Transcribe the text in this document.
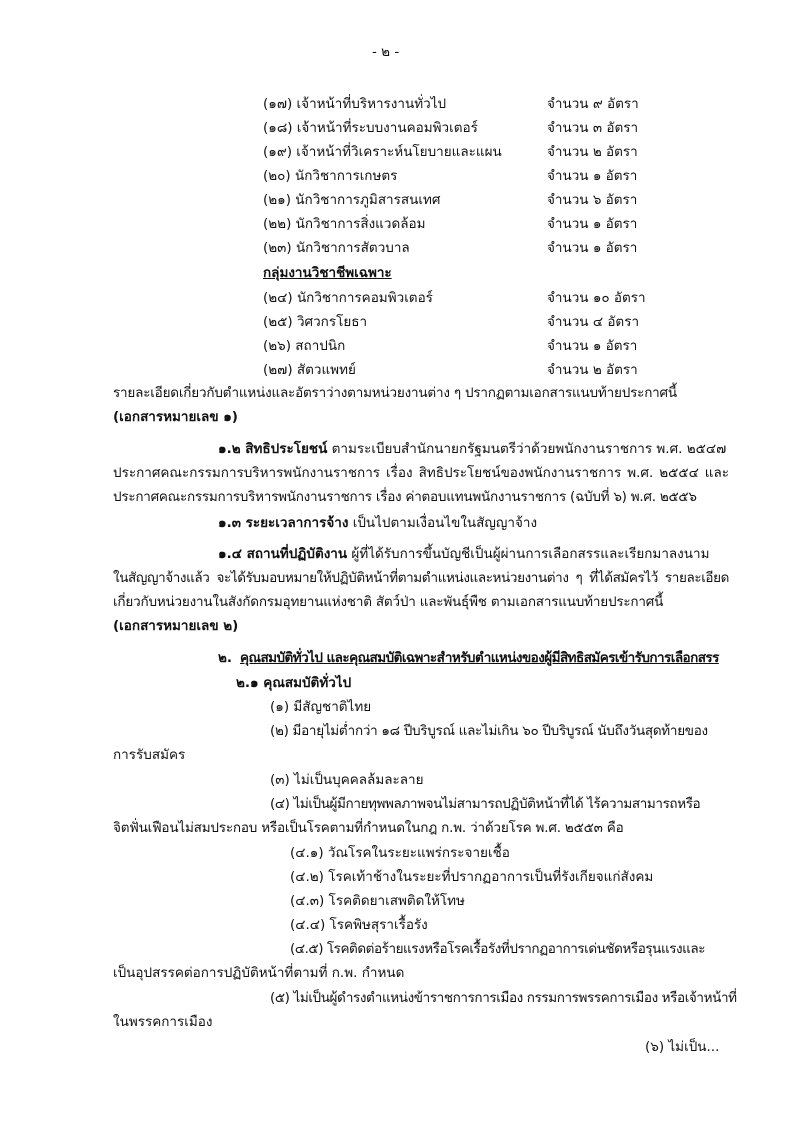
- ๒ -
(๑๗) เจ้าหน้าที่บริหารงานทั่วไป	จำนวน ๙ อัตรา
(๑๘) เจ้าหน้าที่ระบบงานคอมพิวเตอร์	จำนวน ๓ อัตรา
(๑๙) เจ้าหน้าที่วิเคราะห์นโยบายและแผน	จำนวน ๒ อัตรา
(๒๐) นักวิชาการเกษตร	จำนวน ๑ อัตรา
(๒๑) นักวิชาการภูมิสารสนเทศ	จำนวน ๖ อัตรา
(๒๒) นักวิชาการสิ่งแวดล้อม	จำนวน ๑ อัตรา
(๒๓) นักวิชาการสัตวบาล	จำนวน ๑ อัตรา
กลุ่มงานวิชาชีพเฉพาะ
(๒๔) นักวิชาการคอมพิวเตอร์	จำนวน ๑๐ อัตรา
(๒๕) วิศวกรโยธา	จำนวน ๔ อัตรา
(๒๖) สถาปนิก	จำนวน ๑ อัตรา
(๒๗) สัตวแพทย์	จำนวน ๒ อัตรา
รายละเอียดเกี่ยวกับตำแหน่งและอัตราว่างตามหน่วยงานต่าง ๆ ปรากฏตามเอกสารแนบท้ายประกาศนี้
(เอกสารหมายเลข ๑)
๑.๒ สิทธิประโยชน์ ตามระเบียบสำนักนายกรัฐมนตรีว่าด้วยพนักงานราชการ พ.ศ. ๒๕๔๗
ประกาศคณะกรรมการบริหารพนักงานราชการ เรื่อง สิทธิประโยชน์ของพนักงานราชการ พ.ศ. ๒๕๕๔ และ
ประกาศคณะกรรมการบริหารพนักงานราชการ เรื่อง ค่าตอบแทนพนักงานราชการ (ฉบับที่ ๖) พ.ศ. ๒๕๕๖
๑.๓ ระยะเวลาการจ้าง เป็นไปตามเงื่อนไขในสัญญาจ้าง
๑.๔ สถานที่ปฏิบัติงาน ผู้ที่ได้รับการขึ้นบัญชีเป็นผู้ผ่านการเลือกสรรและเรียกมาลงนาม
ในสัญญาจ้างแล้ว จะได้รับมอบหมายให้ปฏิบัติหน้าที่ตามตำแหน่งและหน่วยงานต่าง ๆ ที่ได้สมัครไว้ รายละเอียด
เกี่ยวกับหน่วยงานในสังกัดกรมอุทยานแห่งชาติ สัตว์ป่า และพันธุ์พืช ตามเอกสารแนบท้ายประกาศนี้
(เอกสารหมายเลข ๒)
๒. คุณสมบัติทั่วไป และคุณสมบัติเฉพาะสำหรับตำแหน่งของผู้มีสิทธิสมัครเข้ารับการเลือกสรร
๒.๑ คุณสมบัติทั่วไป
(๑) มีสัญชาติไทย
(๒) มีอายุไม่ต่ำกว่า ๑๘ ปีบริบูรณ์ และไม่เกิน ๖๐ ปีบริบูรณ์ นับถึงวันสุดท้ายของ
การรับสมัคร
(๓) ไม่เป็นบุคคลล้มละลาย
(๔) ไม่เป็นผู้มีกายทุพพลภาพจนไม่สามารถปฏิบัติหน้าที่ได้ ไร้ความสามารถหรือ
จิตฟั่นเฟือนไม่สมประกอบ หรือเป็นโรคตามที่กำหนดในกฎ ก.พ. ว่าด้วยโรค พ.ศ. ๒๕๕๓ คือ
(๔.๑) วัณโรคในระยะแพร่กระจายเชื้อ
(๔.๒) โรคเท้าช้างในระยะที่ปรากฏอาการเป็นที่รังเกียจแก่สังคม
(๔.๓) โรคติดยาเสพติดให้โทษ
(๔.๔) โรคพิษสุราเรื้อรัง
(๔.๕) โรคติดต่อร้ายแรงหรือโรคเรื้อรังที่ปรากฏอาการเด่นชัดหรือรุนแรงและ
เป็นอุปสรรคต่อการปฏิบัติหน้าที่ตามที่ ก.พ. กำหนด
(๕) ไม่เป็นผู้ดำรงตำแหน่งข้าราชการการเมือง กรรมการพรรคการเมือง หรือเจ้าหน้าที่
ในพรรคการเมือง
(๖) ไม่เป็น...
